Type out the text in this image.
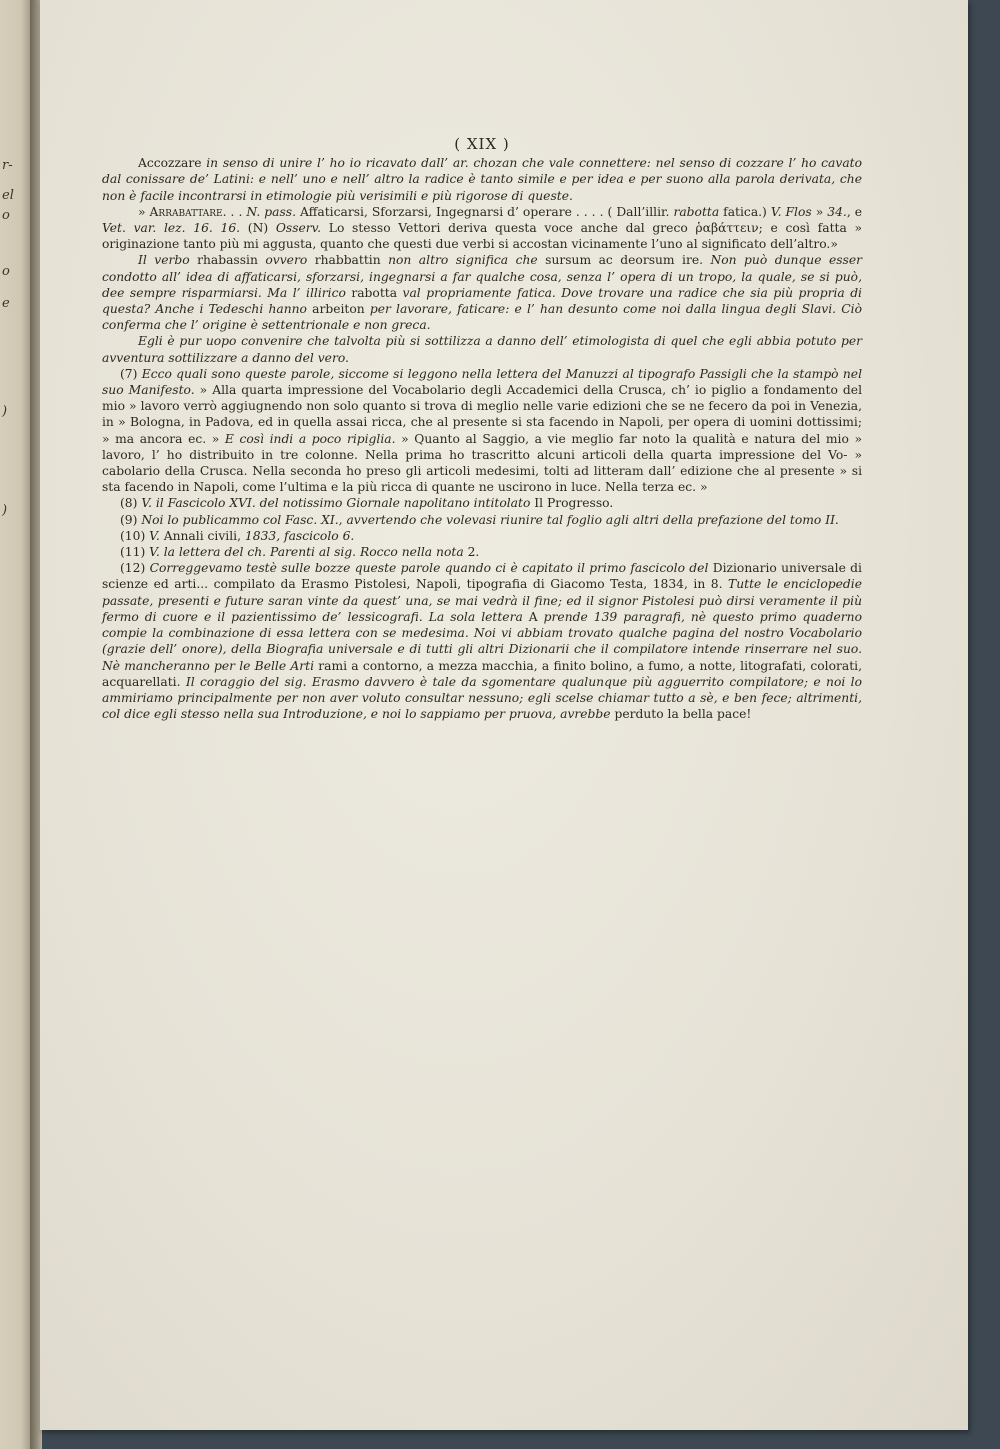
r-
el
o
o
e
)
)
( XIX )

Accozzare in senso di unire l’ ho io ricavato dall’ ar. chozan che vale connettere: nel senso di cozzare l’ ho cavato dal conissare de’ Latini: e nell’ uno e nell’ altro la radice è tanto simile e per idea e per suono alla parola derivata, che non è facile incontrarsi in etimologie più verisimili e più rigorose di queste.

» Arrabattare. . . N. pass. Affaticarsi, Sforzarsi, Ingegnarsi d’ operare . . . . ( Dall’illir. rabotta fatica.) V. Flos » 34., e Vet. var. lez. 16. 16. (N) Osserv. Lo stesso Vettori deriva questa voce anche dal greco ῥαβάττειν; e così fatta » originazione tanto più mi aggusta, quanto che questi due verbi si accostan vicinamente l’uno al significato dell’altro.»

Il verbo rhabassin ovvero rhabbattin non altro significa che sursum ac deorsum ire. Non può dunque esser condotto all’ idea di affaticarsi, sforzarsi, ingegnarsi a far qualche cosa, senza l’ opera di un tropo, la quale, se si può, dee sempre risparmiarsi. Ma l’ illirico rabotta val propriamente fatica. Dove trovare una radice che sia più propria di questa? Anche i Tedeschi hanno arbeiton per lavorare, faticare: e l’ han desunto come noi dalla lingua degli Slavi. Ciò conferma che l’ origine è settentrionale e non greca.

Egli è pur uopo convenire che talvolta più si sottilizza a danno dell’ etimologista di quel che egli abbia potuto per avventura sottilizzare a danno del vero.

(7) Ecco quali sono queste parole, siccome si leggono nella lettera del Manuzzi al tipografo Passigli che la stampò nel suo Manifesto. » Alla quarta impressione del Vocabolario degli Accademici della Crusca, ch’ io piglio a fondamento del mio » lavoro verrò aggiugnendo non solo quanto si trova di meglio nelle varie edizioni che se ne fecero da poi in Venezia, in » Bologna, in Padova, ed in quella assai ricca, che al presente si sta facendo in Napoli, per opera di uomini dottissimi; » ma ancora ec. » E così indi a poco ripiglia. » Quanto al Saggio, a vie meglio far noto la qualità e natura del mio » lavoro, l’ ho distribuito in tre colonne. Nella prima ho trascritto alcuni articoli della quarta impressione del Vo- » cabolario della Crusca. Nella seconda ho preso gli articoli medesimi, tolti ad litteram dall’ edizione che al presente » si sta facendo in Napoli, come l’ultima e la più ricca di quante ne uscirono in luce. Nella terza ec. »

(8) V. il Fascicolo XVI. del notissimo Giornale napolitano intitolato Il Progresso.

(9) Noi lo publicammo col Fasc. XI., avvertendo che volevasi riunire tal foglio agli altri della prefazione del tomo II.

(10) V. Annali civili, 1833, fascicolo 6.

(11) V. la lettera del ch. Parenti al sig. Rocco nella nota 2.

(12) Correggevamo testè sulle bozze queste parole quando ci è capitato il primo fascicolo del Dizionario universale di scienze ed arti... compilato da Erasmo Pistolesi, Napoli, tipografia di Giacomo Testa, 1834, in 8. Tutte le enciclopedie passate, presenti e future saran vinte da quest’ una, se mai vedrà il fine; ed il signor Pistolesi può dirsi veramente il più fermo di cuore e il pazientissimo de’ lessicografi. La sola lettera A prende 139 paragrafi, nè questo primo quaderno compie la combinazione di essa lettera con se medesima. Noi vi abbiam trovato qualche pagina del nostro Vocabolario (grazie dell’ onore), della Biografia universale e di tutti gli altri Dizionarii che il compilatore intende rinserrare nel suo. Nè mancheranno per le Belle Arti rami a contorno, a mezza macchia, a finito bolino, a fumo, a notte, litografati, colorati, acquarellati. Il coraggio del sig. Erasmo davvero è tale da sgomentare qualunque più agguerrito compilatore; e noi lo ammiriamo principalmente per non aver voluto consultar nessuno; egli scelse chiamar tutto a sè, e ben fece; altrimenti, col dice egli stesso nella sua Introduzione, e noi lo sappiamo per pruova, avrebbe perduto la bella pace!
